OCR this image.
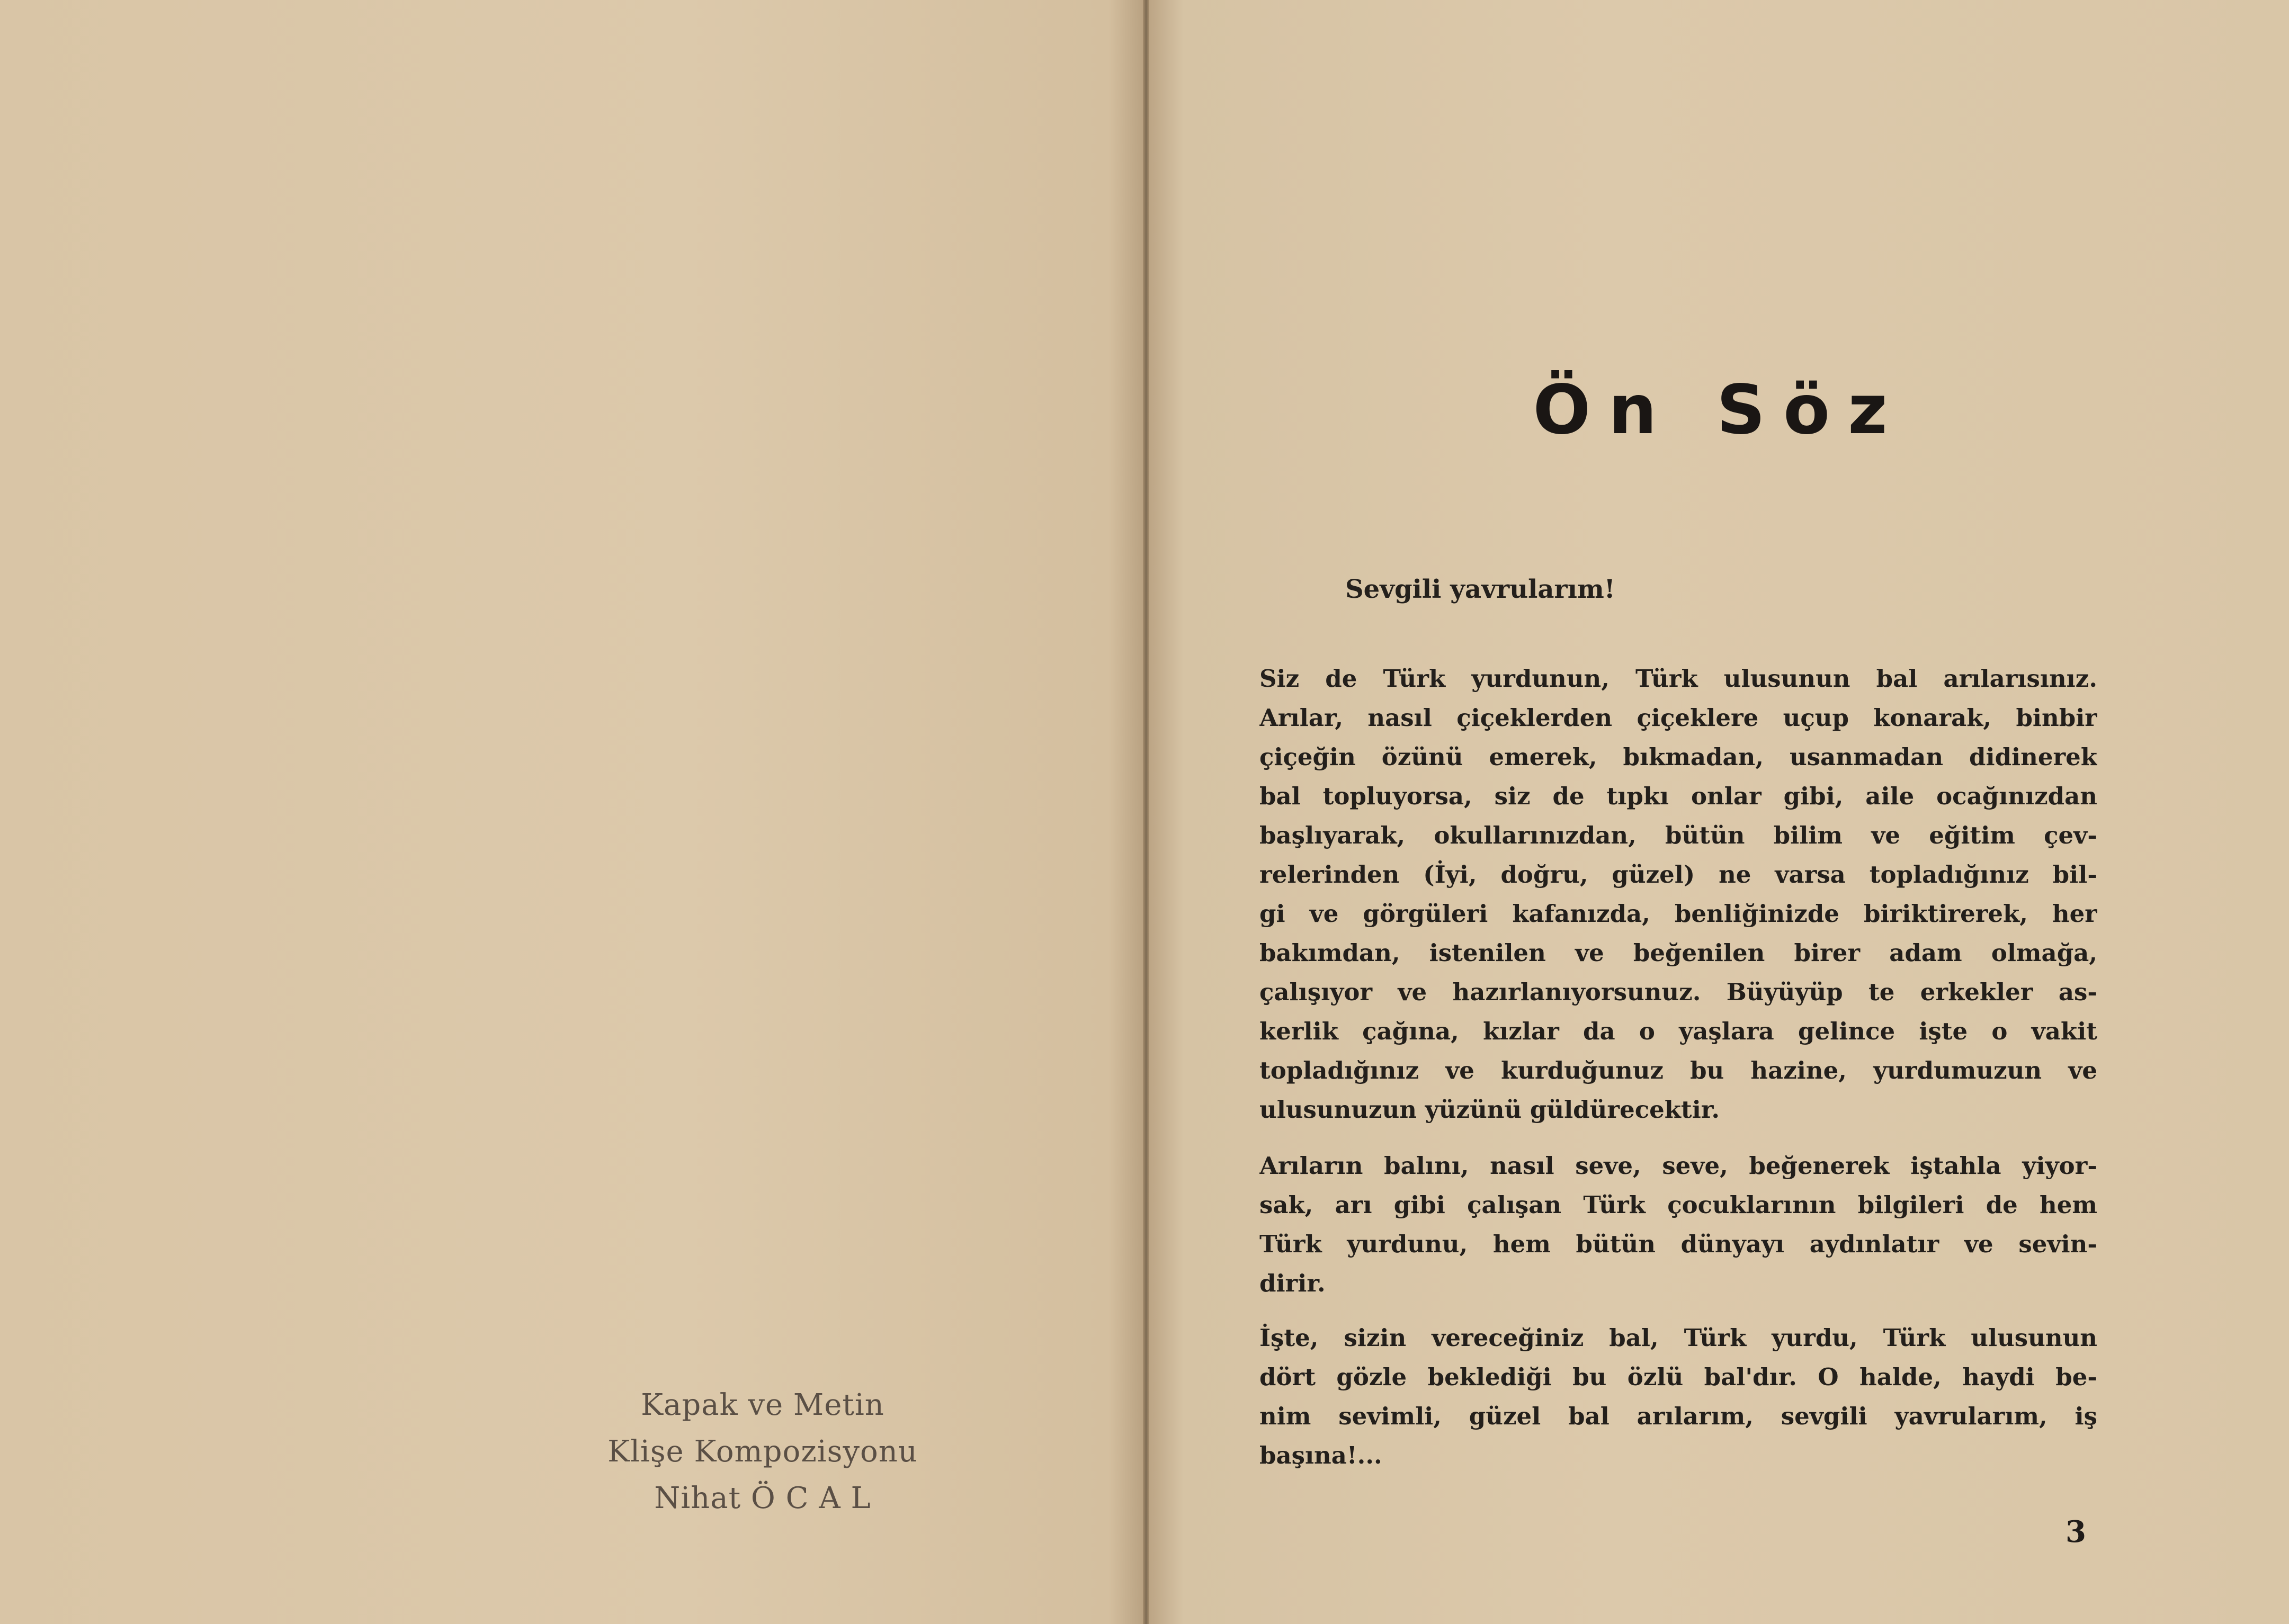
Kapak ve Metin
Klişe Kompozisyonu
Nihat Ö C A L
Ön Söz
Sevgili yavrularım!
Siz de Türk yurdunun, Türk ulusunun bal arılarısınız.
Arılar, nasıl çiçeklerden çiçeklere uçup konarak, binbir
çiçeğin özünü emerek, bıkmadan, usanmadan didinerek
bal topluyorsa, siz de tıpkı onlar gibi, aile ocağınızdan
başlıyarak, okullarınızdan, bütün bilim ve eğitim çev-
relerinden (İyi, doğru, güzel) ne varsa topladığınız bil-
gi ve görgüleri kafanızda, benliğinizde biriktirerek, her
bakımdan, istenilen ve beğenilen birer adam olmağa,
çalışıyor ve hazırlanıyorsunuz. Büyüyüp te erkekler as-
kerlik çağına, kızlar da o yaşlara gelince işte o vakit
topladığınız ve kurduğunuz bu hazine, yurdumuzun ve
ulusunuzun yüzünü güldürecektir.
Arıların balını, nasıl seve, seve, beğenerek iştahla yiyor-
sak, arı gibi çalışan Türk çocuklarının bilgileri de hem
Türk yurdunu, hem bütün dünyayı aydınlatır ve sevin-
dirir.
İşte, sizin vereceğiniz bal, Türk yurdu, Türk ulusunun
dört gözle beklediği bu özlü bal'dır. O halde, haydi be-
nim sevimli, güzel bal arılarım, sevgili yavrularım, iş
başına!...
3
